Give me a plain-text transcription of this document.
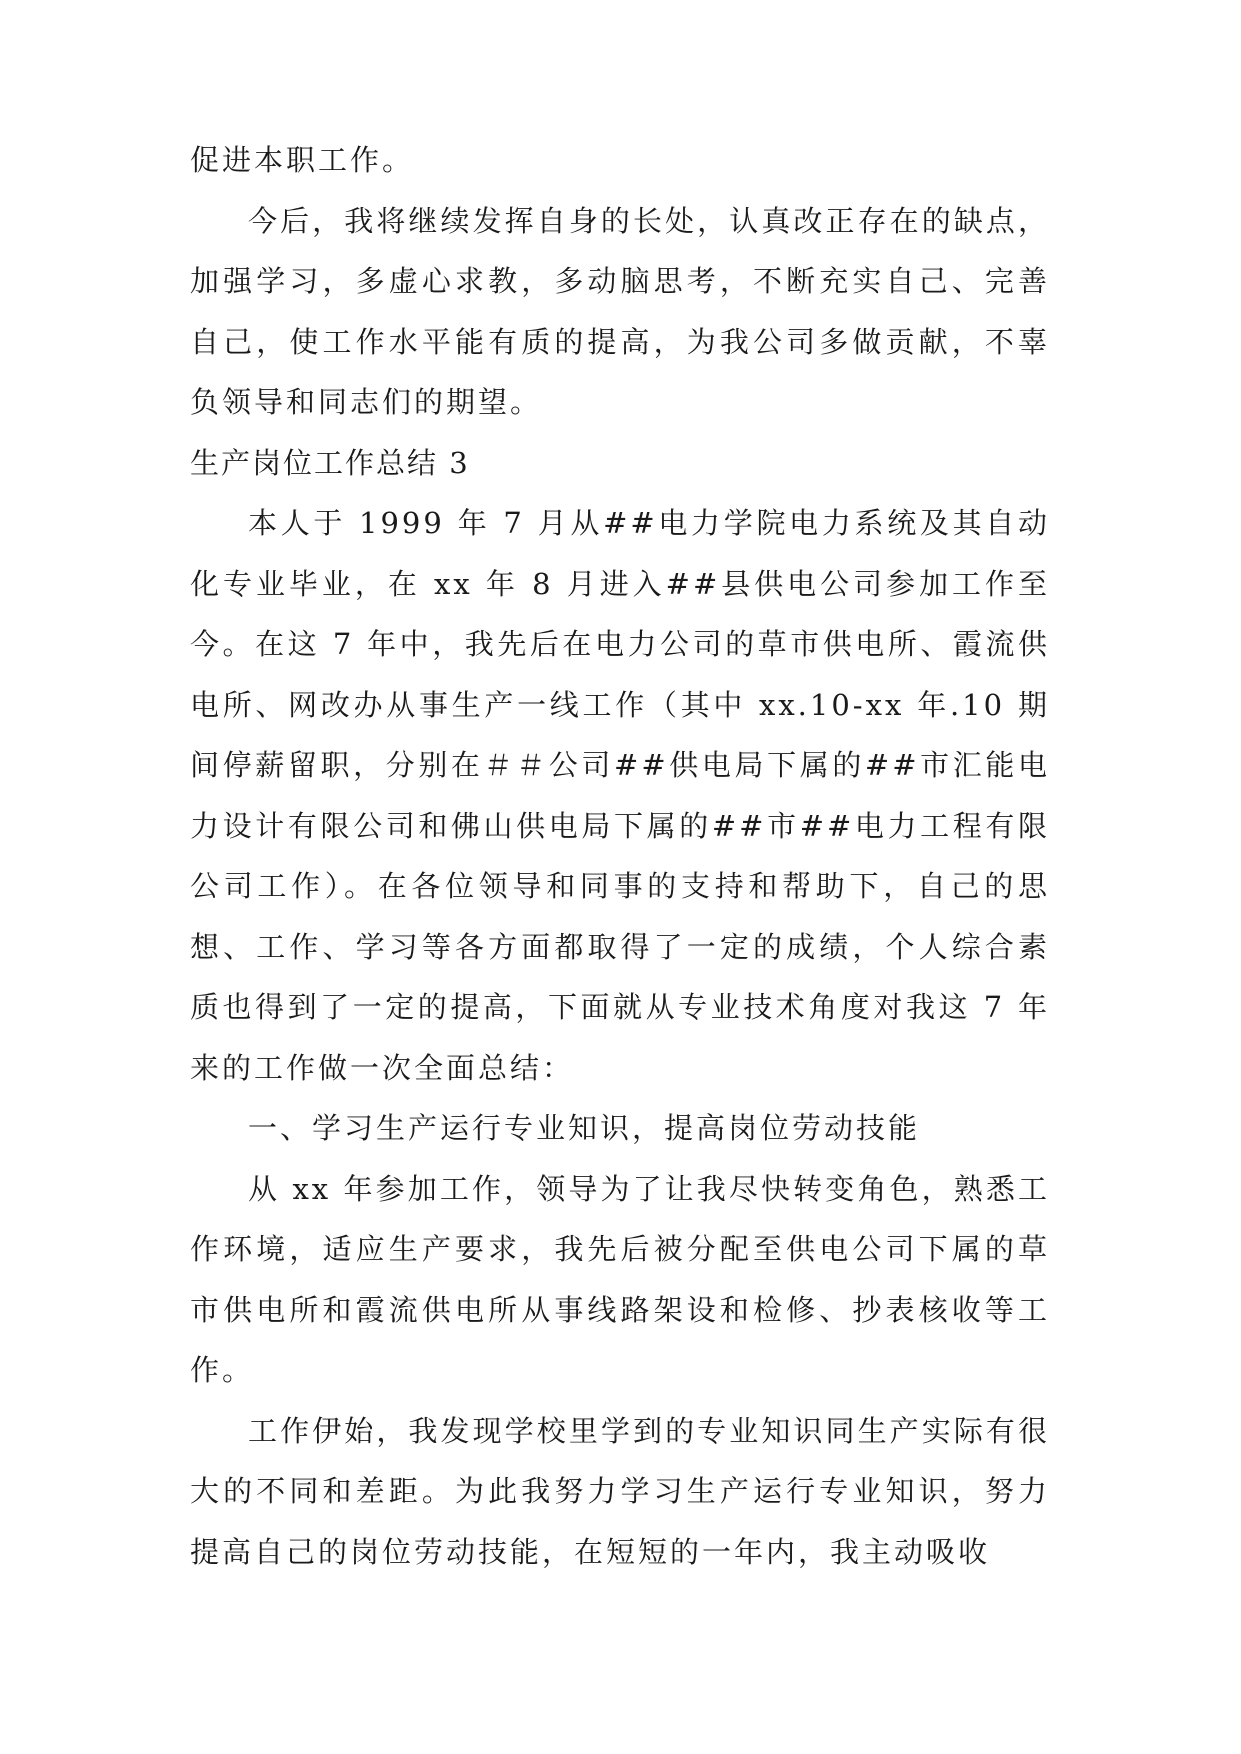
促进本职工作。

今后，我将继续发挥自身的长处，认真改正存在的缺点，加强学习，多虚心求教，多动脑思考，不断充实自己、完善自己，使工作水平能有质的提高，为我公司多做贡献，不辜负领导和同志们的期望。

生产岗位工作总结 3

本人于 1999 年 7 月从##电力学院电力系统及其自动化专业毕业，在 xx 年 8 月进入##县供电公司参加工作至今。在这 7 年中，我先后在电力公司的草市供电所、霞流供电所、网改办从事生产一线工作（其中 xx.10-xx 年.10 期间停薪留职，分别在＃＃公司##供电局下属的##市汇能电力设计有限公司和佛山供电局下属的##市##电力工程有限公司工作）。在各位领导和同事的支持和帮助下，自己的思想、工作、学习等各方面都取得了一定的成绩，个人综合素质也得到了一定的提高，下面就从专业技术角度对我这 7 年来的工作做一次全面总结：

一、学习生产运行专业知识，提高岗位劳动技能

从 xx 年参加工作，领导为了让我尽快转变角色，熟悉工作环境，适应生产要求，我先后被分配至供电公司下属的草市供电所和霞流供电所从事线路架设和检修、抄表核收等工作。

工作伊始，我发现学校里学到的专业知识同生产实际有很大的不同和差距。为此我努力学习生产运行专业知识，努力提高自己的岗位劳动技能，在短短的一年内，我主动吸收
